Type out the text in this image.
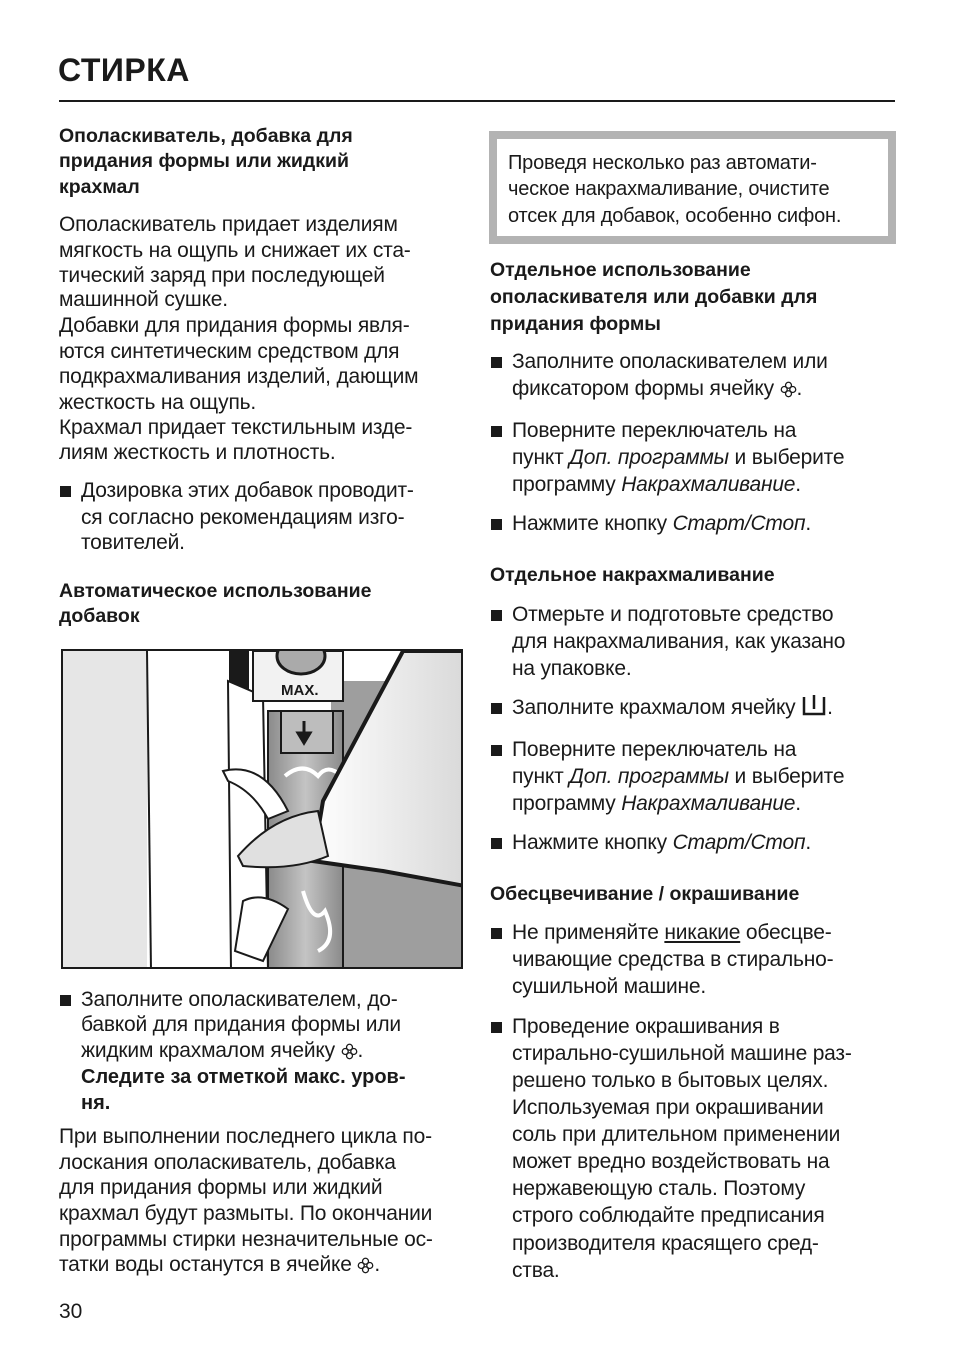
СТИРКА
Ополаскиватель, добавка для
придания формы или жидкий
крахмал
Ополаскиватель придает изделиям
мягкость на ощупь и снижает их ста-
тический заряд при последующей
машинной сушке.
Добавки для придания формы явля-
ются синтетическим средством для
подкрахмаливания изделий, дающим
жесткость на ощупь.
Крахмал придает текстильным изде-
лиям жесткость и плотность.
Дозировка этих добавок проводит-
ся согласно рекомендациям изго-
товителей.
Автоматическое использование
добавок
MAX.
Заполните ополаскивателем, до-
бавкой для придания формы или
жидким крахмалом ячейку .
Следите за отметкой макс. уров-
ня.
При выполнении последнего цикла по-
лоскания ополаскиватель, добавка
для придания формы или жидкий
крахмал будут размыты. По окончании
программы стирки незначительные ос-
татки воды останутся в ячейке .
Проведя несколько раз автомати-
ческое накрахмаливание, очистите
отсек для добавок, особенно сифон.
Отдельное использование
ополаскивателя или добавки для
придания формы
Заполните ополаскивателем или
фиксатором формы ячейку .
Поверните переключатель на
пункт Доп. программы и выберите
программу Накрахмаливание.
Нажмите кнопку Старт/Стоп.
Отдельное накрахмаливание
Отмерьте и подготовьте средство
для накрахмаливания, как указано
на упаковке.
Заполните крахмалом ячейку .
Поверните переключатель на
пункт Доп. программы и выберите
программу Накрахмаливание.
Нажмите кнопку Старт/Стоп.
Обесцвечивание / окрашивание
Не применяйте никакие обесцве-
чивающие средства в стирально-
сушильной машине.
Проведение окрашивания в
стирально-сушильной машине раз-
решено только в бытовых целях.
Используемая при окрашивании
соль при длительном применении
может вредно воздействовать на
нержавеющую сталь. Поэтому
строго соблюдайте предписания
производителя красящего сред-
ства.
30
